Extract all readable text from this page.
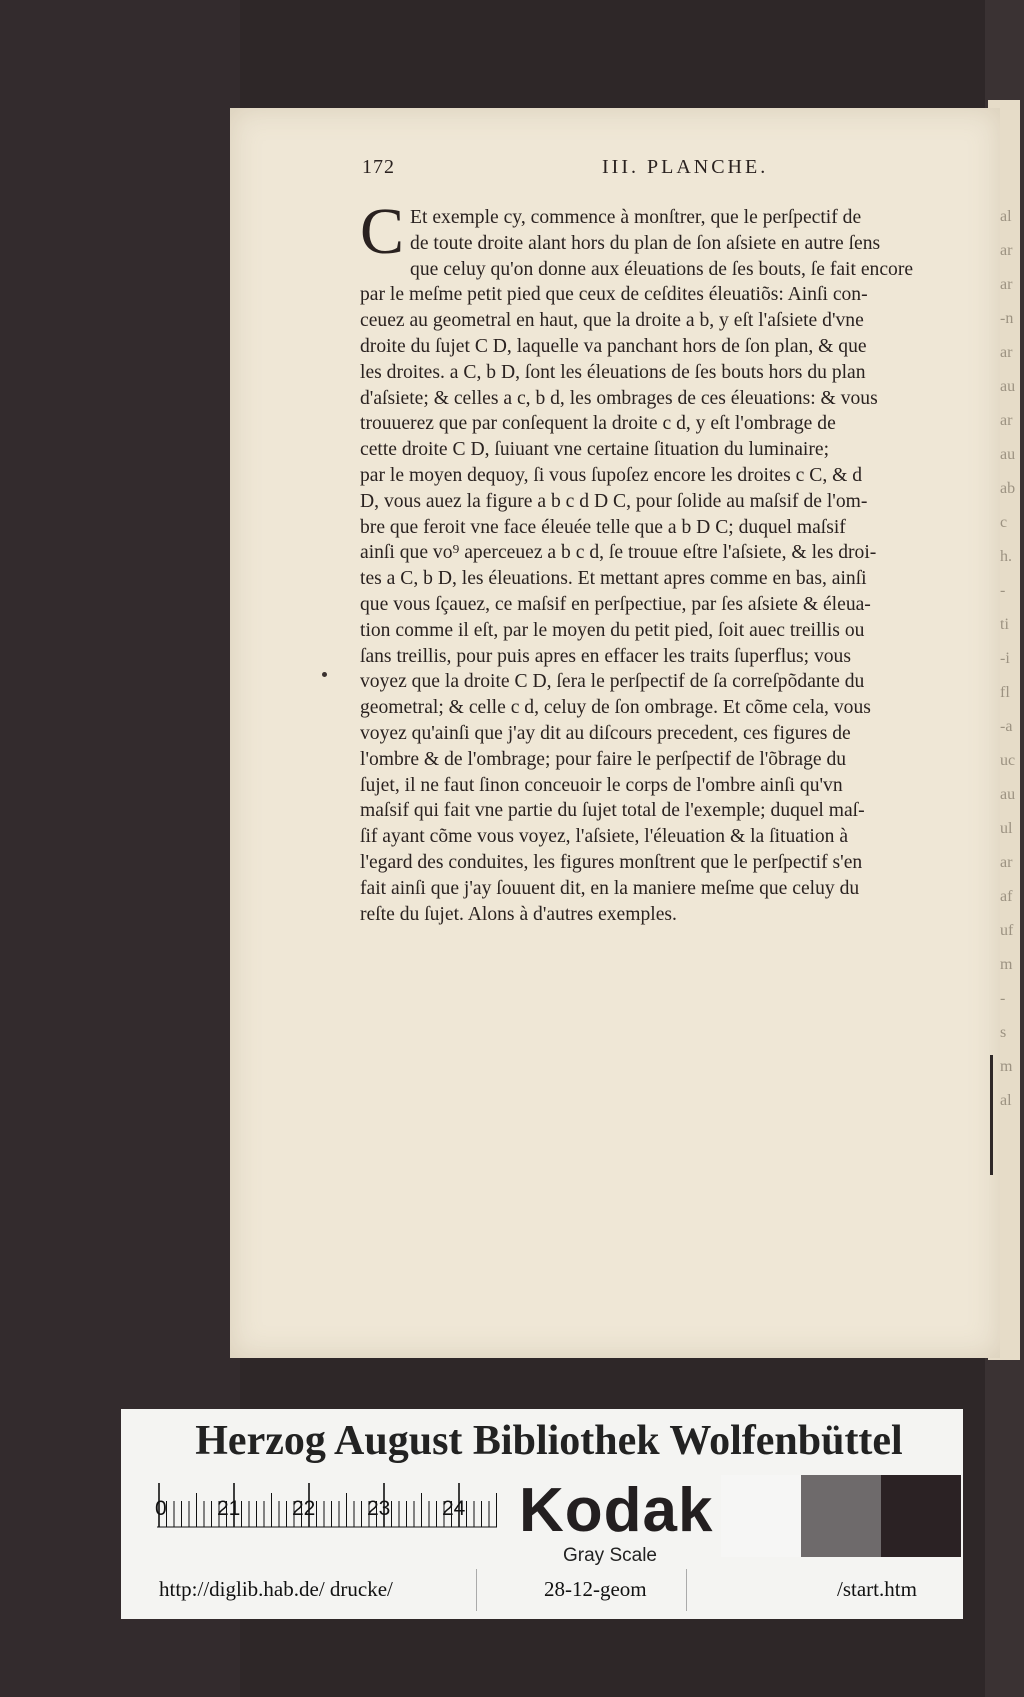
al
ar
ar
-n
ar
au
ar
au
ab
c
h.
-
ti
-i
fl
-a
uc
au
ul
ar
af
uf
m
-
s
m
al
172	III. PLANCHE.
C Et exemple cy, commence à monſtrer, que le perſpectif de

de toute droite alant hors du plan de ſon aſsiete en autre ſens

que celuy qu'on donne aux éleuations de ſes bouts, ſe fait encore

par le meſme petit pied que ceux de ceſdites éleuatiõs: Ainſi con-

ceuez au geometral en haut, que la droite a b, y eſt l'aſsiete d'vne

droite du ſujet C D, laquelle va panchant hors de ſon plan, & que

les droites. a C, b D, ſont les éleuations de ſes bouts hors du plan

d'aſsiete; & celles a c, b d, les ombrages de ces éleuations: & vous

trouuerez que par conſequent la droite c d, y eſt l'ombrage de

cette droite C D, ſuiuant vne certaine ſituation du luminaire;

par le moyen dequoy, ſi vous ſupoſez encore les droites c C, & d

D, vous auez la figure a b c d D C, pour ſolide au maſsif de l'om-

bre que feroit vne face éleuée telle que a b D C; duquel maſsif

ainſi que vo⁹ aperceuez a b c d, ſe trouue eſtre l'aſsiete, & les droi-

tes a C, b D, les éleuations. Et mettant apres comme en bas, ainſi

que vous ſçauez, ce maſsif en perſpectiue, par ſes aſsiete & éleua-

tion comme il eſt, par le moyen du petit pied, ſoit auec treillis ou

ſans treillis, pour puis apres en effacer les traits ſuperflus; vous

voyez que la droite C D, ſera le perſpectif de ſa correſpõdante du

geometral; & celle c d, celuy de ſon ombrage. Et cõme cela, vous

voyez qu'ainſi que j'ay dit au diſcours precedent, ces figures de

l'ombre & de l'ombrage; pour faire le perſpectif de l'õbrage du

ſujet, il ne faut ſinon conceuoir le corps de l'ombre ainſi qu'vn

maſsif qui fait vne partie du ſujet total de l'exemple; duquel maſ-

ſif ayant cõme vous voyez, l'aſsiete, l'éleuation & la ſituation à

l'egard des conduites, les figures monſtrent que le perſpectif s'en

fait ainſi que j'ay ſouuent dit, en la maniere meſme que celuy du

reſte du ſujet. Alons à d'autres exemples.

Herzog August Bibliothek Wolfenbüttel
0 21 22 23 24 Kodak
Gray Scale
http://diglib.hab.de/ drucke/	28-12-geom	/start.htm
